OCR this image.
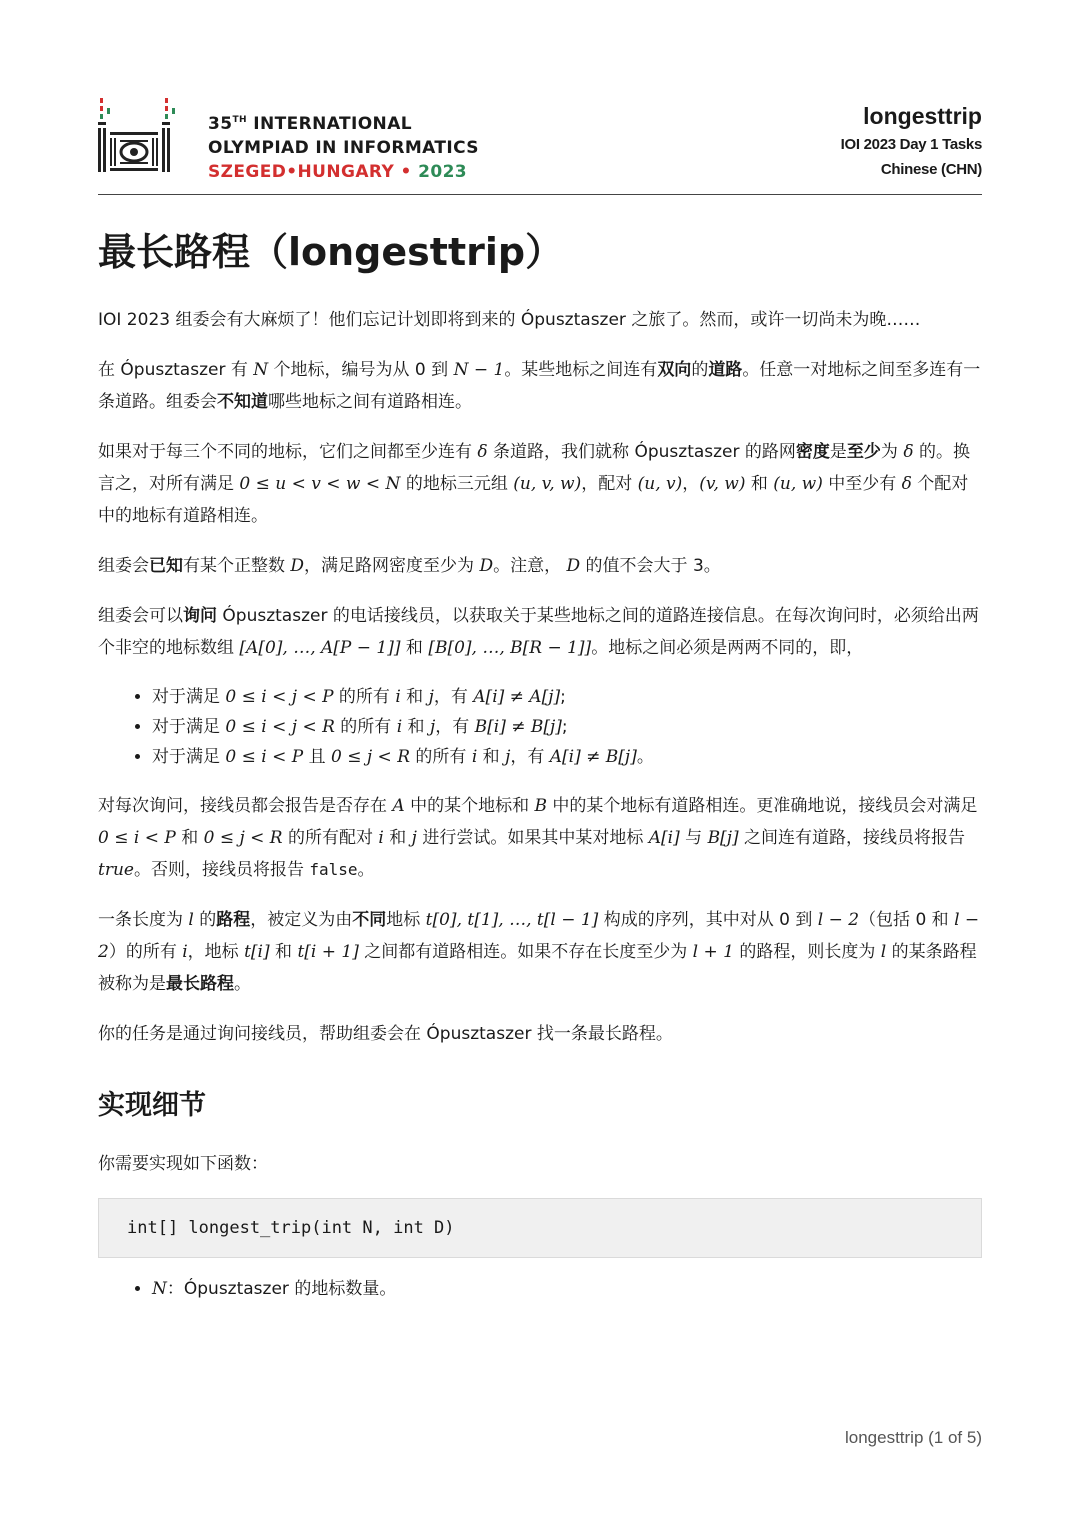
35TH INTERNATIONAL
OLYMPIAD IN INFORMATICS
SZEGED•HUNGARY • 2023
longesttrip
IOI 2023 Day 1 Tasks
Chinese (CHN)
最长路程（longesttrip）

IOI 2023 组委会有大麻烦了！他们忘记计划即将到来的 Ópusztaszer 之旅了。然而，或许一切尚未为晚……

在 Ópusztaszer 有 N 个地标，编号为从 0 到 N − 1。某些地标之间连有双向的道路。任意一对地标之间至多连有一条道路。组委会不知道哪些地标之间有道路相连。

如果对于每三个不同的地标，它们之间都至少连有 δ 条道路，我们就称 Ópusztaszer 的路网密度是至少为 δ 的。换言之，对所有满足 0 ≤ u < v < w < N 的地标三元组 (u, v, w)，配对 (u, v)，(v, w) 和 (u, w) 中至少有 δ 个配对中的地标有道路相连。

组委会已知有某个正整数 D，满足路网密度至少为 D。注意， D 的值不会大于 3。

组委会可以询问 Ópusztaszer 的电话接线员，以获取关于某些地标之间的道路连接信息。在每次询问时，必须给出两个非空的地标数组 [A[0], …, A[P − 1]] 和 [B[0], …, B[R − 1]]。地标之间必须是两两不同的，即，

• 对于满足 0 ≤ i < j < P 的所有 i 和 j，有 A[i] ≠ A[j];
• 对于满足 0 ≤ i < j < R 的所有 i 和 j，有 B[i] ≠ B[j];
• 对于满足 0 ≤ i < P 且 0 ≤ j < R 的所有 i 和 j，有 A[i] ≠ B[j]。

对每次询问，接线员都会报告是否存在 A 中的某个地标和 B 中的某个地标有道路相连。更准确地说，接线员会对满足 0 ≤ i < P 和 0 ≤ j < R 的所有配对 i 和 j 进行尝试。如果其中某对地标 A[i] 与 B[j] 之间连有道路，接线员将报告 true。否则，接线员将报告 false。

一条长度为 l 的路程，被定义为由不同地标 t[0], t[1], …, t[l − 1] 构成的序列，其中对从 0 到 l − 2（包括 0 和 l − 2）的所有 i，地标 t[i] 和 t[i + 1] 之间都有道路相连。如果不存在长度至少为 l + 1 的路程，则长度为 l 的某条路程被称为是最长路程。

你的任务是通过询问接线员，帮助组委会在 Ópusztaszer 找一条最长路程。

实现细节

你需要实现如下函数：

int[] longest_trip(int N, int D)
• N：Ópusztaszer 的地标数量。
longesttrip (1 of 5)
